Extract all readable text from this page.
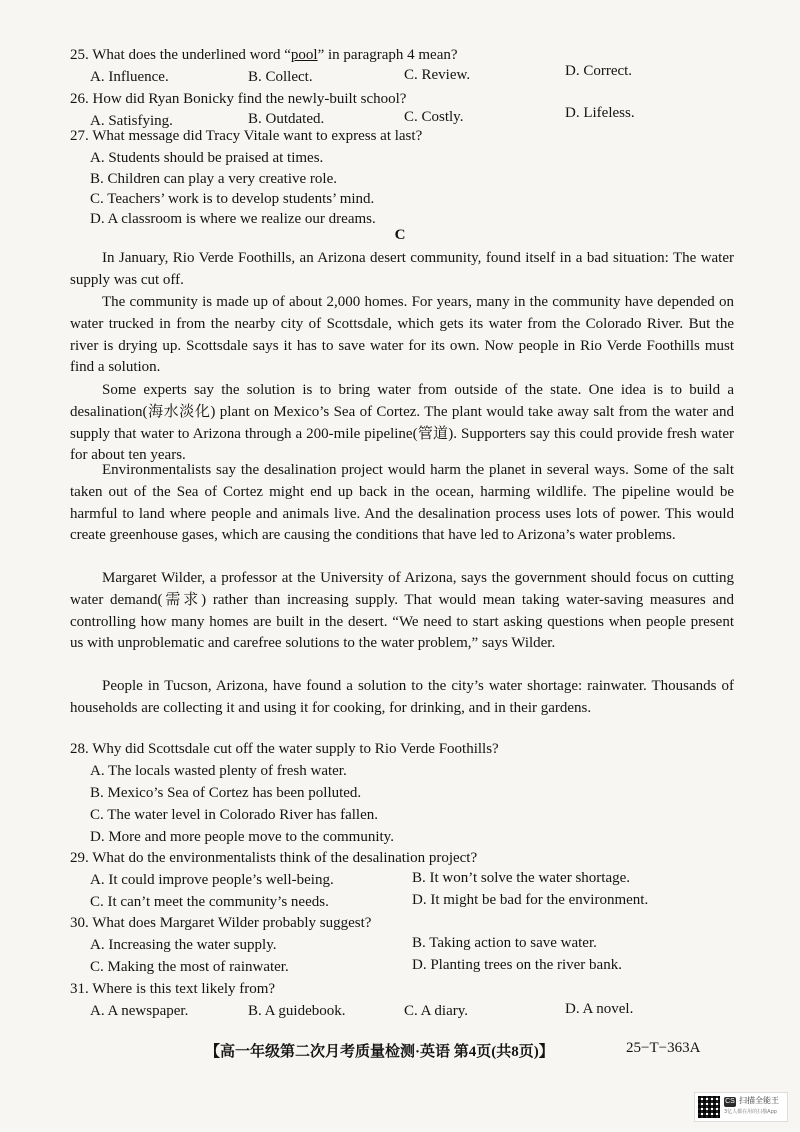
25. What does the underlined word “pool” in paragraph 4 mean?
A. Influence.	B. Collect.	C. Review.	D. Correct.
26. How did Ryan Bonicky find the newly-built school?
A. Satisfying.	B. Outdated.	C. Costly.	D. Lifeless.
27. What message did Tracy Vitale want to express at last?
A. Students should be praised at times.
B. Children can play a very creative role.
C. Teachers’ work is to develop students’ mind.
D. A classroom is where we realize our dreams.
C
In January, Rio Verde Foothills, an Arizona desert community, found itself in a bad situation: The water supply was cut off.
The community is made up of about 2,000 homes. For years, many in the community have depended on water trucked in from the nearby city of Scottsdale, which gets its water from the Colorado River. But the river is drying up. Scottsdale says it has to save water for its own. Now people in Rio Verde Foothills must find a solution.
Some experts say the solution is to bring water from outside of the state. One idea is to build a desalination(海水淡化) plant on Mexico’s Sea of Cortez. The plant would take away salt from the water and supply that water to Arizona through a 200-mile pipeline(管道). Supporters say this could provide fresh water for about ten years.
Environmentalists say the desalination project would harm the planet in several ways. Some of the salt taken out of the Sea of Cortez might end up back in the ocean, harming wildlife. The pipeline would be harmful to land where people and animals live. And the desalination process uses lots of power. This would create greenhouse gases, which are causing the conditions that have led to Arizona’s water problems.
Margaret Wilder, a professor at the University of Arizona, says the government should focus on cutting water demand(需求) rather than increasing supply. That would mean taking water-saving measures and controlling how many homes are built in the desert. “We need to start asking questions when people present us with unproblematic and carefree solutions to the water problem,” says Wilder.
People in Tucson, Arizona, have found a solution to the city’s water shortage: rainwater. Thousands of households are collecting it and using it for cooking, for drinking, and in their gardens.
28. Why did Scottsdale cut off the water supply to Rio Verde Foothills?
A. The locals wasted plenty of fresh water.
B. Mexico’s Sea of Cortez has been polluted.
C. The water level in Colorado River has fallen.
D. More and more people move to the community.
29. What do the environmentalists think of the desalination project?
A. It could improve people’s well-being.	B. It won’t solve the water shortage.
C. It can’t meet the community’s needs.	D. It might be bad for the environment.
30. What does Margaret Wilder probably suggest?
A. Increasing the water supply.	B. Taking action to save water.
C. Making the most of rainwater.	D. Planting trees on the river bank.
31. Where is this text likely from?
A. A newspaper.	B. A guidebook.	C. A diary.	D. A novel.
【高一年级第二次月考质量检测·英语 第4页(共8页)】	25−T−363A
CS 扫描全能王
3亿人都在用的扫描App
